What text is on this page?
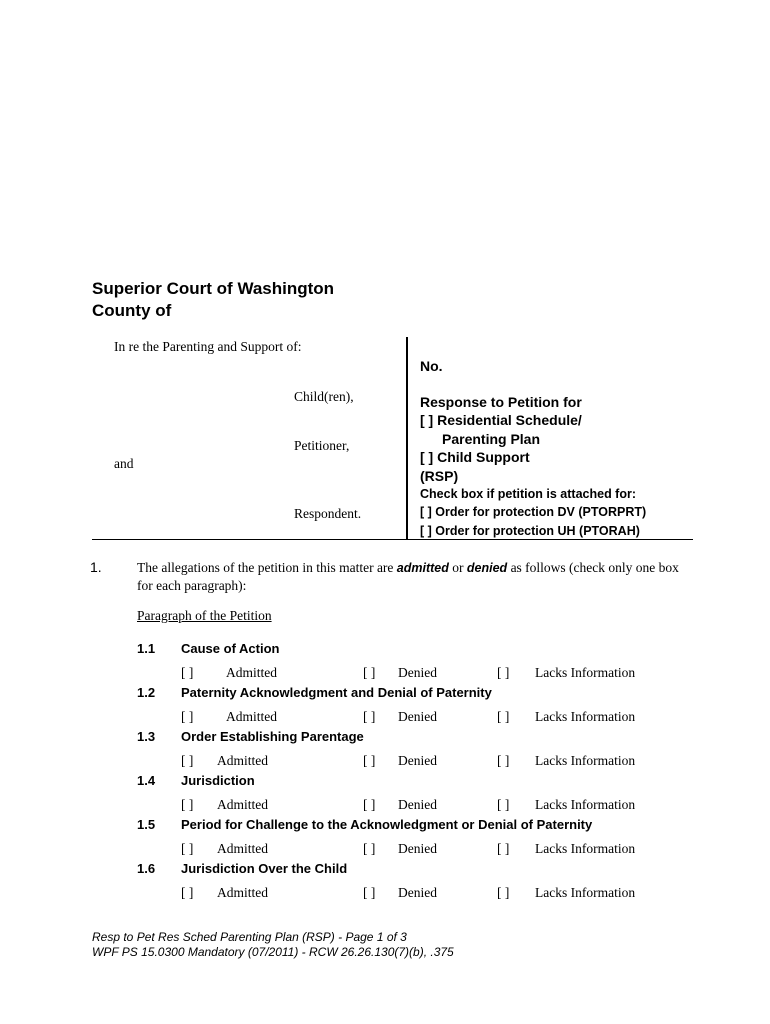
Superior Court of Washington
County of
In re the Parenting and Support of:
Child(ren),
Petitioner,
and
Respondent.
No.
Response to Petition for
[ ] Residential Schedule/
Parenting Plan
[ ] Child Support
(RSP)
Check box if petition is attached for:
[ ] Order for protection DV (PTORPRT)
[ ] Order for protection UH (PTORAH)
1.	The allegations of the petition in this matter are admitted or denied as follows (check only one box for each paragraph):
Paragraph of the Petition
1.1 Cause of Action
[ ] Admitted	[ ] Denied	[ ] Lacks Information
1.2 Paternity Acknowledgment and Denial of Paternity
[ ] Admitted	[ ] Denied	[ ] Lacks Information
1.3 Order Establishing Parentage
[ ] Admitted	[ ] Denied	[ ] Lacks Information
1.4 Jurisdiction
[ ] Admitted	[ ] Denied	[ ] Lacks Information
1.5 Period for Challenge to the Acknowledgment or Denial of Paternity
[ ] Admitted	[ ] Denied	[ ] Lacks Information
1.6 Jurisdiction Over the Child
[ ] Admitted	[ ] Denied	[ ] Lacks Information
Resp to Pet Res Sched Parenting Plan (RSP) - Page 1 of 3
WPF PS 15.0300 Mandatory (07/2011) - RCW 26.26.130(7)(b), .375
